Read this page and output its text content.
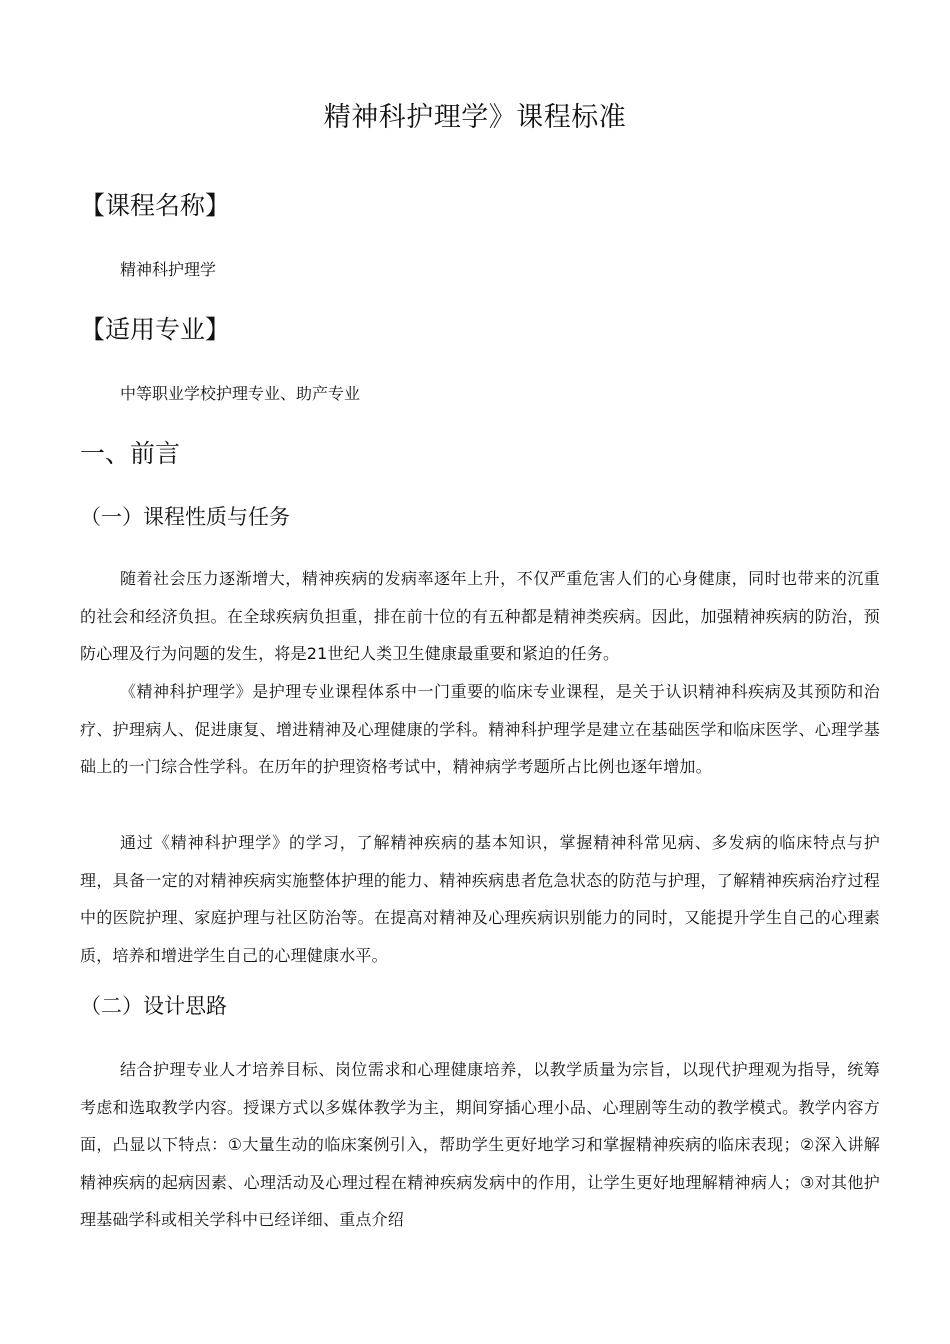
精神科护理学》课程标准
【课程名称】
精神科护理学
【适用专业】
中等职业学校护理专业、助产专业
一、前言
（一）课程性质与任务

随着社会压力逐渐增大，精神疾病的发病率逐年上升，不仅严重危害人们的心身健康，同时也带来的沉重的社会和经济负担。在全球疾病负担重，排在前十位的有五种都是精神类疾病。因此，加强精神疾病的防治，预防心理及行为问题的发生，将是21世纪人类卫生健康最重要和紧迫的任务。

《精神科护理学》是护理专业课程体系中一门重要的临床专业课程，是关于认识精神科疾病及其预防和治疗、护理病人、促进康复、增进精神及心理健康的学科。精神科护理学是建立在基础医学和临床医学、心理学基础上的一门综合性学科。在历年的护理资格考试中，精神病学考题所占比例也逐年增加。

通过《精神科护理学》的学习，了解精神疾病的基本知识，掌握精神科常见病、多发病的临床特点与护理，具备一定的对精神疾病实施整体护理的能力、精神疾病患者危急状态的防范与护理，了解精神疾病治疗过程中的医院护理、家庭护理与社区防治等。在提高对精神及心理疾病识别能力的同时，又能提升学生自己的心理素质，培养和增进学生自己的心理健康水平。

（二）设计思路

结合护理专业人才培养目标、岗位需求和心理健康培养，以教学质量为宗旨，以现代护理观为指导，统筹考虑和选取教学内容。授课方式以多媒体教学为主，期间穿插心理小品、心理剧等生动的教学模式。教学内容方面，凸显以下特点：①大量生动的临床案例引入，帮助学生更好地学习和掌握精神疾病的临床表现；②深入讲解精神疾病的起病因素、心理活动及心理过程在精神疾病发病中的作用，让学生更好地理解精神病人；③对其他护理基础学科或相关学科中已经详细、重点介绍
